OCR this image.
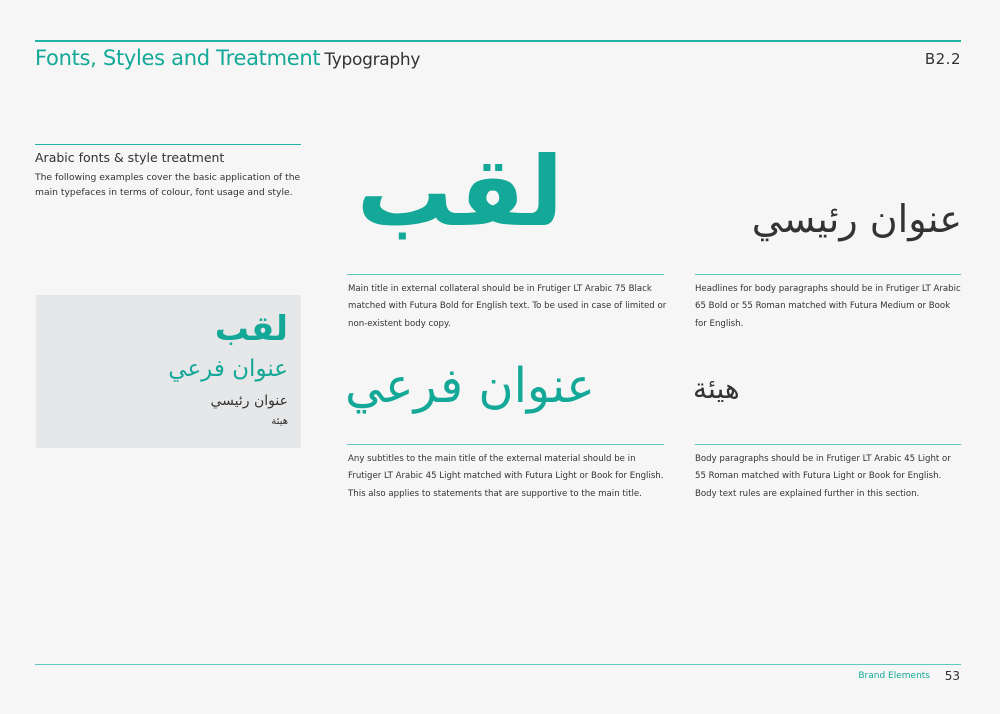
Fonts, Styles and Treatment Typography	B2.2
Arabic fonts & style treatment
The following examples cover the basic application of the main typefaces in terms of colour, font usage and style.
لقب
عنوان فرعي
عنوان رئيسي
هيئة
لقب	عنوان رئيسي
عنوان فرعي	هيئة
Main title in external collateral should be in Frutiger LT Arabic 75 Black matched with Futura Bold for English text. To be used in case of limited or non-existent body copy.
Headlines for body paragraphs should be in Frutiger LT Arabic 65 Bold or 55 Roman matched with Futura Medium or Book for English.
Any subtitles to the main title of the external material should be in Frutiger LT Arabic 45 Light matched with Futura Light or Book for English. This also applies to statements that are supportive to the main title.
Body paragraphs should be in Frutiger LT Arabic 45 Light or 55 Roman matched with Futura Light or Book for English. Body text rules are explained further in this section.
Brand Elements 53
